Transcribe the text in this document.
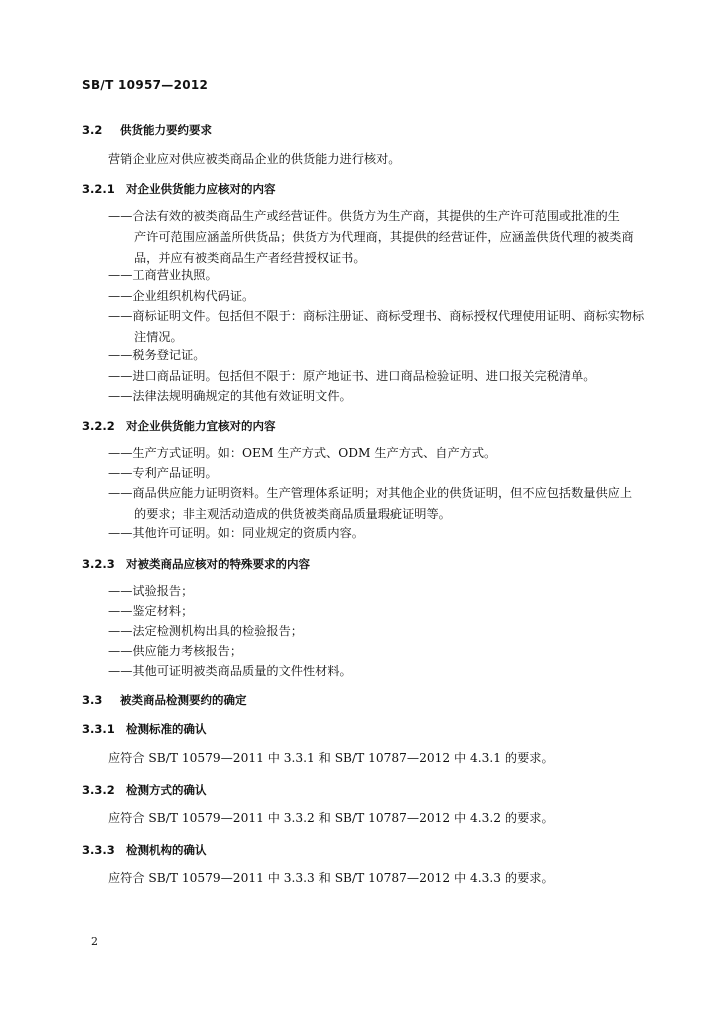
SB/T 10957—2012
3.2 供货能力要约要求
营销企业应对供应被类商品企业的供货能力进行核对。
3.2.1 对企业供货能力应核对的内容
——合法有效的被类商品生产或经营证件。供货方为生产商，其提供的生产许可范围或批准的生
产许可范围应涵盖所供货品；供货方为代理商，其提供的经营证件，应涵盖供货代理的被类商
品，并应有被类商品生产者经营授权证书。
——工商营业执照。
——企业组织机构代码证。
——商标证明文件。包括但不限于：商标注册证、商标受理书、商标授权代理使用证明、商标实物标
注情况。
——税务登记证。
——进口商品证明。包括但不限于：原产地证书、进口商品检验证明、进口报关完税清单。
——法律法规明确规定的其他有效证明文件。
3.2.2 对企业供货能力宜核对的内容
——生产方式证明。如：OEM 生产方式、ODM 生产方式、自产方式。
——专利产品证明。
——商品供应能力证明资料。生产管理体系证明；对其他企业的供货证明，但不应包括数量供应上
的要求；非主观活动造成的供货被类商品质量瑕疵证明等。
——其他许可证明。如：同业规定的资质内容。
3.2.3 对被类商品应核对的特殊要求的内容
——试验报告；
——鉴定材料；
——法定检测机构出具的检验报告；
——供应能力考核报告；
——其他可证明被类商品质量的文件性材料。
3.3 被类商品检测要约的确定
3.3.1 检测标准的确认
应符合 SB/T 10579—2011 中 3.3.1 和 SB/T 10787—2012 中 4.3.1 的要求。
3.3.2 检测方式的确认
应符合 SB/T 10579—2011 中 3.3.2 和 SB/T 10787—2012 中 4.3.2 的要求。
3.3.3 检测机构的确认
应符合 SB/T 10579—2011 中 3.3.3 和 SB/T 10787—2012 中 4.3.3 的要求。
2
